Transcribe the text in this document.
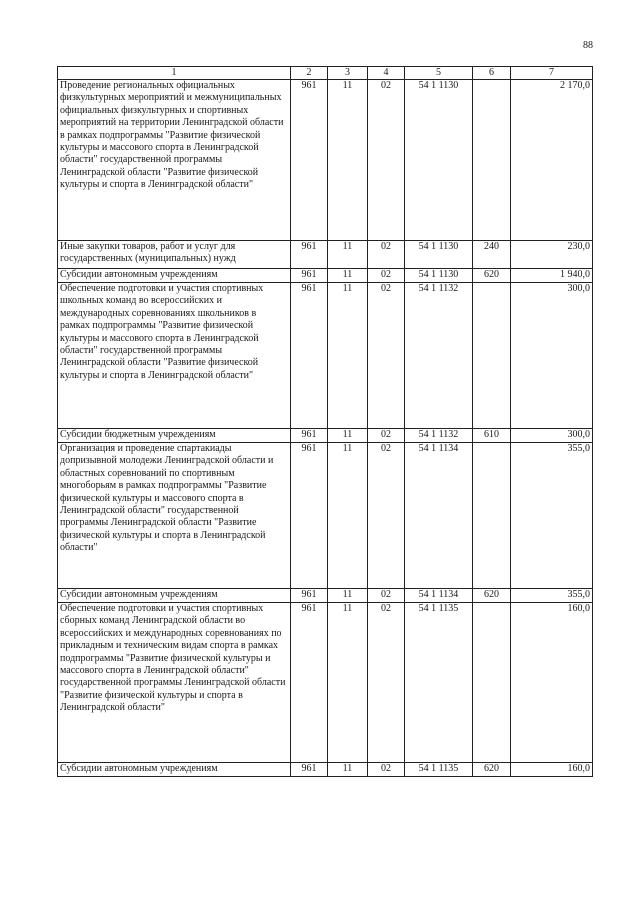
88
1	2	3	4	5	6	7
Проведение региональных официальных физкультурных мероприятий и межмуниципальных официальных физкультурных и спортивных мероприятий на территории Ленинградской области в рамках подпрограммы "Развитие физической культуры и массового спорта в Ленинградской области" государственной программы Ленинградской области "Развитие физической культуры и спорта в Ленинградской области"	961	11	02	54 1 1130		2 170,0
Иные закупки товаров, работ и услуг для государственных (муниципальных) нужд	961	11	02	54 1 1130	240	230,0
Субсидии автономным учреждениям	961	11	02	54 1 1130	620	1 940,0
Обеспечение подготовки и участия спортивных школьных команд во всероссийских и международных соревнованиях школьников в рамках подпрограммы "Развитие физической культуры и массового спорта в Ленинградской области" государственной программы Ленинградской области "Развитие физической культуры и спорта в Ленинградской области"	961	11	02	54 1 1132		300,0
Субсидии бюджетным учреждениям	961	11	02	54 1 1132	610	300,0
Организация и проведение спартакиады допризывной молодежи Ленинградской области и областных соревнований по спортивным многоборьям в рамках подпрограммы "Развитие физической культуры и массового спорта в Ленинградской области" государственной программы Ленинградской области "Развитие физической культуры и спорта в Ленинградской области"	961	11	02	54 1 1134		355,0
Субсидии автономным учреждениям	961	11	02	54 1 1134	620	355,0
Обеспечение подготовки и участия спортивных сборных команд Ленинградской области во всероссийских и международных соревнованиях по прикладным и техническим видам спорта в рамках подпрограммы "Развитие физической культуры и массового спорта в Ленинградской области" государственной программы Ленинградской области "Развитие физической культуры и спорта в Ленинградской области"	961	11	02	54 1 1135		160,0
Субсидии автономным учреждениям	961	11	02	54 1 1135	620	160,0
